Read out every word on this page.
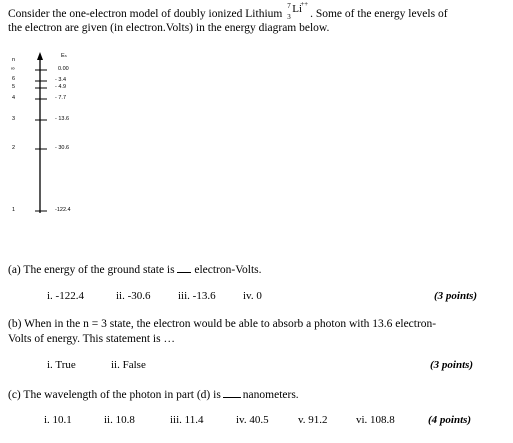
Consider the one-electron model of doubly ionized Lithium
7
3
Li
++
. Some of the energy levels of
the electron are given (in electron.Volts) in the energy diagram below.
n
Eₙ
∞	0.00
6	- 3.4
5	- 4.9
4	- 7.7
3	- 13.6
2	- 30.6
1	-122.4
(a) The energy of the ground state is electron-Volts.
i. -122.4	ii. -30.6 iii. -13.6 iv. 0	(3 points)
(b) When in the n = 3 state, the electron would be able to absorb a photon with 13.6 electron-
Volts of energy. This statement is …
i. True	ii. False	(3 points)
(c) The wavelength of the photon in part (d) is nanometers.
i. 10.1	ii. 10.8	iii. 11.4	iv. 40.5	v. 91.2	vi. 108.8	(4 points)
